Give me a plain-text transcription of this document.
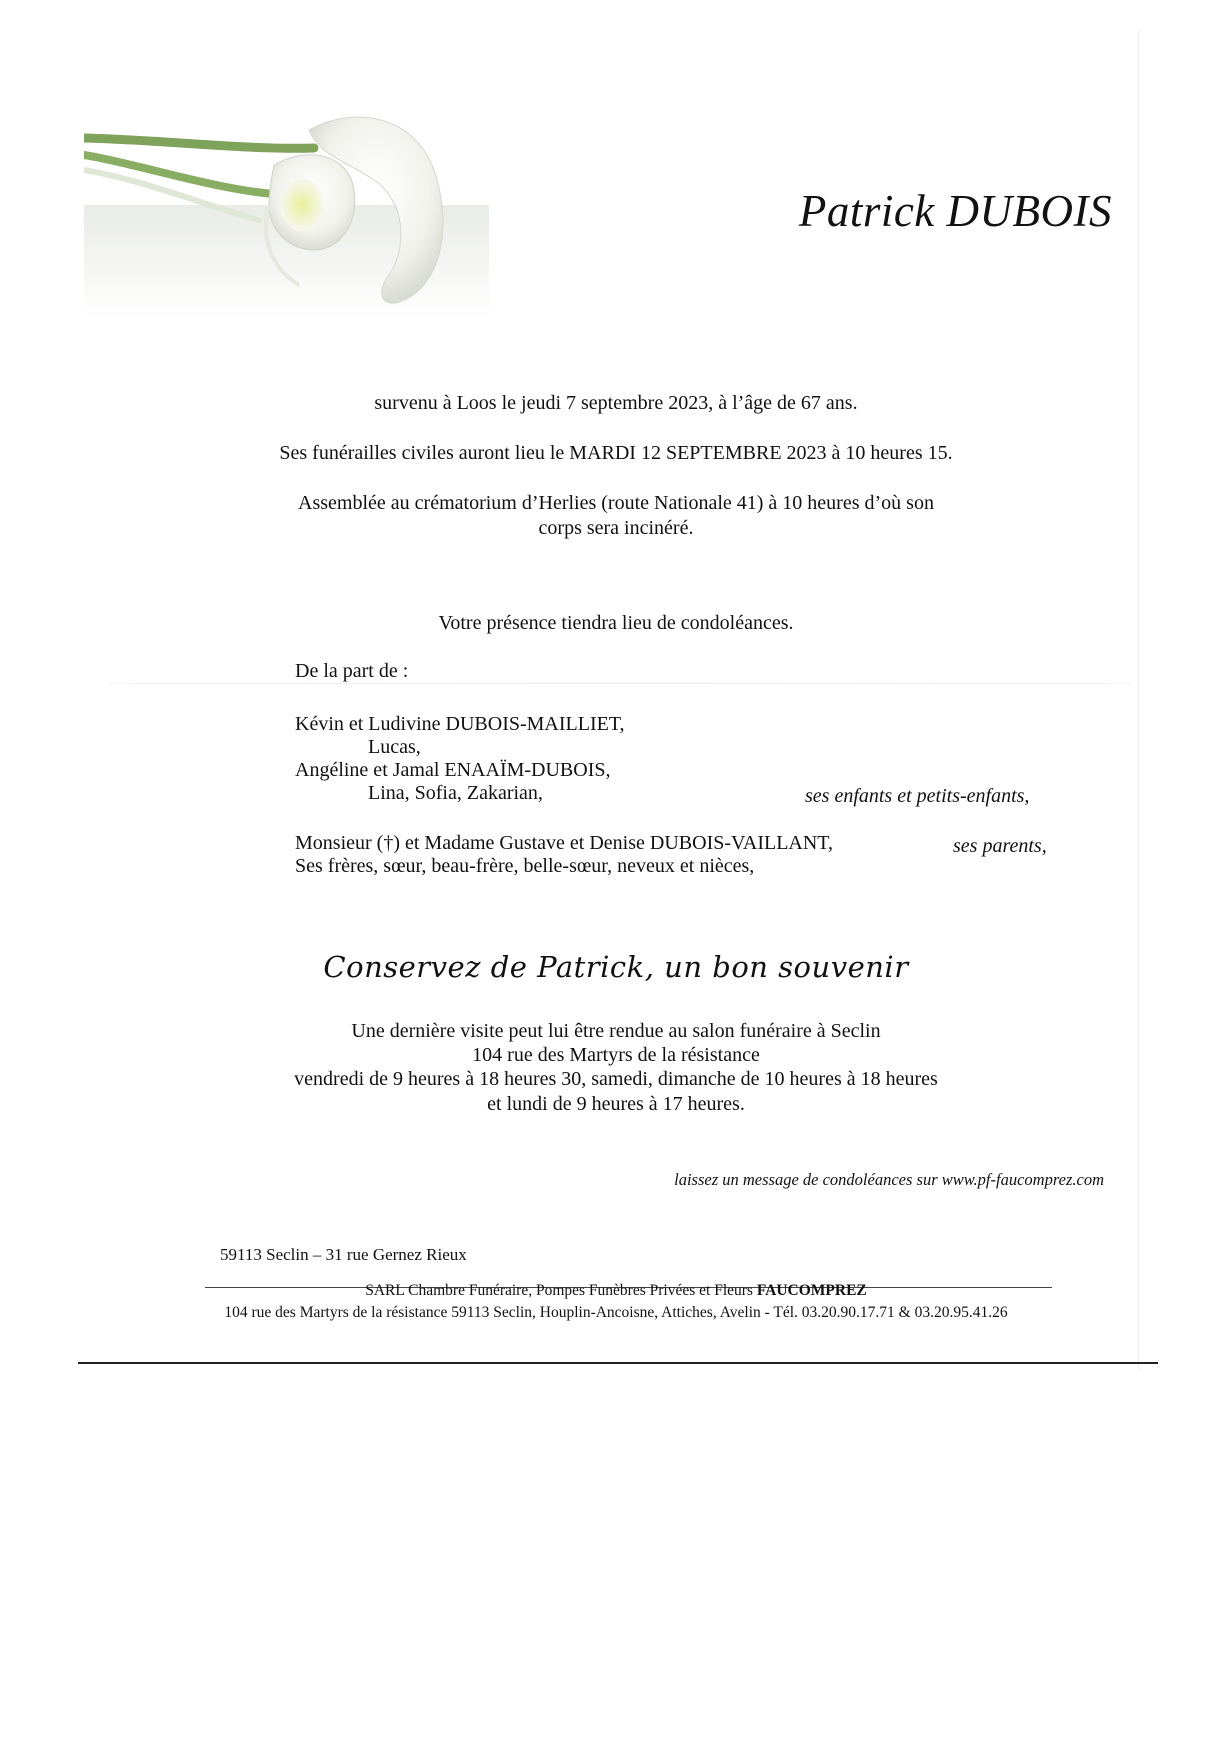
Patrick DUBOIS
survenu à Loos le jeudi 7 septembre 2023, à l’âge de 67 ans.
Ses funérailles civiles auront lieu le MARDI 12 SEPTEMBRE 2023 à 10 heures 15.
Assemblée au crématorium d’Herlies (route Nationale 41) à 10 heures d’où son
corps sera incinéré.
Votre présence tiendra lieu de condoléances.
De la part de :
Kévin et Ludivine DUBOIS-MAILLIET,
Lucas,
Angéline et Jamal ENAAÏM-DUBOIS,
Lina, Sofia, Zakarian,	ses enfants et petits-enfants,
Monsieur (†) et Madame Gustave et Denise DUBOIS-VAILLANT,	ses parents,
Ses frères, sœur, beau-frère, belle-sœur, neveux et nièces,
Conservez de Patrick, un bon souvenir
Une dernière visite peut lui être rendue au salon funéraire à Seclin
104 rue des Martyrs de la résistance
vendredi de 9 heures à 18 heures 30, samedi, dimanche de 10 heures à 18 heures
et lundi de 9 heures à 17 heures.
laissez un message de condoléances sur www.pf-faucomprez.com
59113 Seclin – 31 rue Gernez Rieux
SARL Chambre Funéraire, Pompes Funèbres Privées et Fleurs FAUCOMPREZ
104 rue des Martyrs de la résistance 59113 Seclin, Houplin-Ancoisne, Attiches, Avelin - Tél. 03.20.90.17.71 & 03.20.95.41.26
